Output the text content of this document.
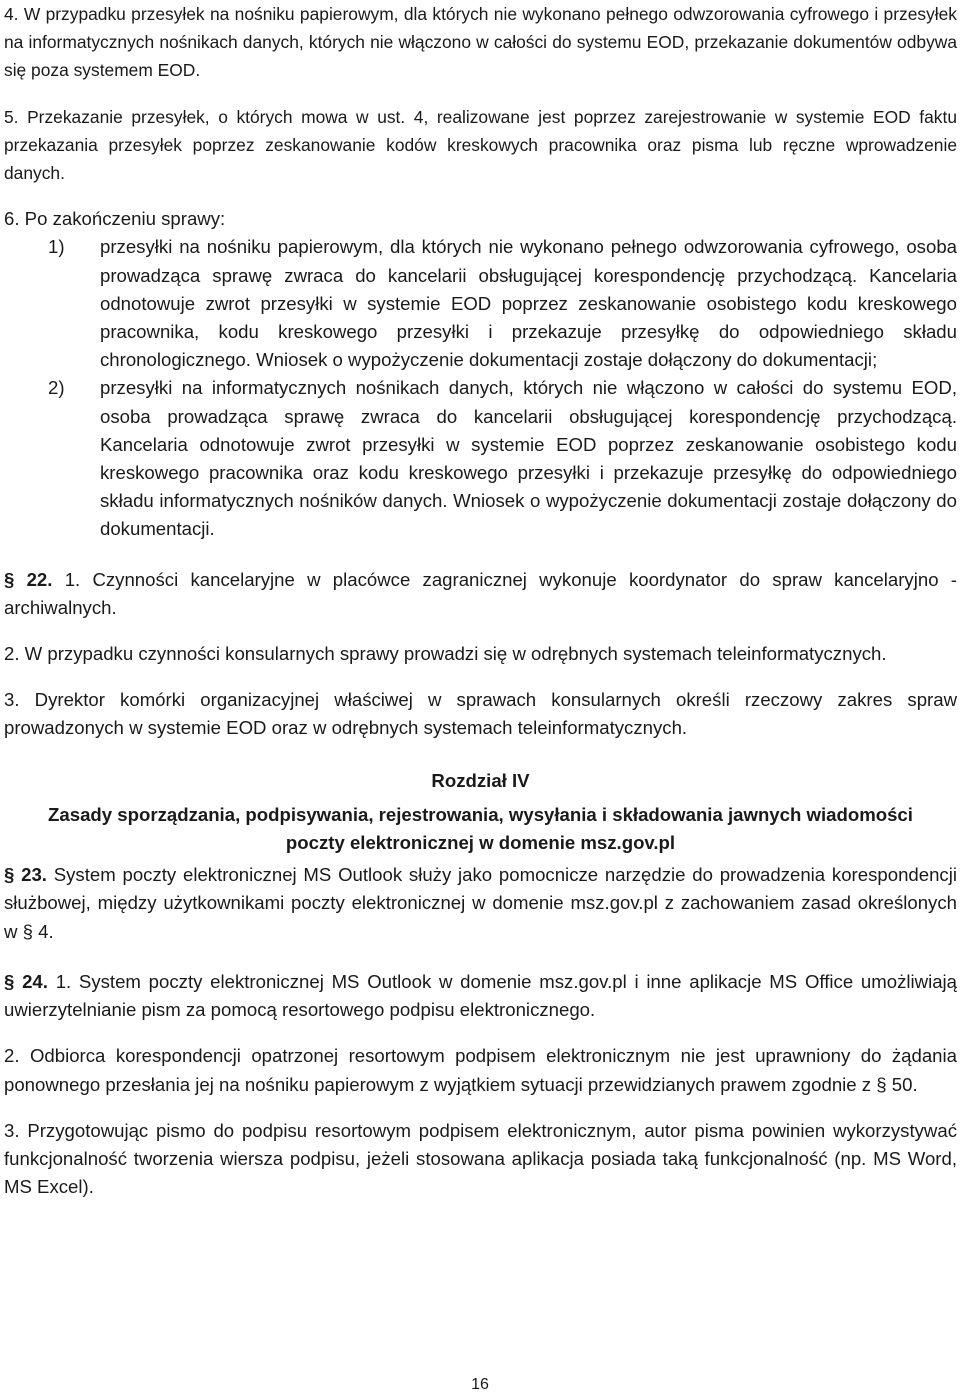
4. W przypadku przesyłek na nośniku papierowym, dla których nie wykonano pełnego odwzorowania cyfrowego i przesyłek na informatycznych nośnikach danych, których nie włączono w całości do systemu EOD, przekazanie dokumentów odbywa się poza systemem EOD.

5. Przekazanie przesyłek, o których mowa w ust. 4, realizowane jest poprzez zarejestrowanie w systemie EOD faktu przekazania przesyłek poprzez zeskanowanie kodów kreskowych pracownika oraz pisma lub ręczne wprowadzenie danych.

6. Po zakończeniu sprawy:

1) przesyłki na nośniku papierowym, dla których nie wykonano pełnego odwzorowania cyfrowego, osoba prowadząca sprawę zwraca do kancelarii obsługującej korespondencję przychodzącą. Kancelaria odnotowuje zwrot przesyłki w systemie EOD poprzez zeskanowanie osobistego kodu kreskowego pracownika, kodu kreskowego przesyłki i przekazuje przesyłkę do odpowiedniego składu chronologicznego. Wniosek o wypożyczenie dokumentacji zostaje dołączony do dokumentacji;
2) przesyłki na informatycznych nośnikach danych, których nie włączono w całości do systemu EOD, osoba prowadząca sprawę zwraca do kancelarii obsługującej korespondencję przychodzącą. Kancelaria odnotowuje zwrot przesyłki w systemie EOD poprzez zeskanowanie osobistego kodu kreskowego pracownika oraz kodu kreskowego przesyłki i przekazuje przesyłkę do odpowiedniego składu informatycznych nośników danych. Wniosek o wypożyczenie dokumentacji zostaje dołączony do dokumentacji.

§ 22. 1. Czynności kancelaryjne w placówce zagranicznej wykonuje koordynator do spraw kancelaryjno - archiwalnych.

2. W przypadku czynności konsularnych sprawy prowadzi się w odrębnych systemach teleinformatycznych.

3. Dyrektor komórki organizacyjnej właściwej w sprawach konsularnych określi rzeczowy zakres spraw prowadzonych w systemie EOD oraz w odrębnych systemach teleinformatycznych.

Rozdział IV

Zasady sporządzania, podpisywania, rejestrowania, wysyłania i składowania jawnych wiadomości

poczty elektronicznej w domenie msz.gov.pl

§ 23. System poczty elektronicznej MS Outlook służy jako pomocnicze narzędzie do prowadzenia korespondencji służbowej, między użytkownikami poczty elektronicznej w domenie msz.gov.pl z zachowaniem zasad określonych w § 4.

§ 24. 1. System poczty elektronicznej MS Outlook w domenie msz.gov.pl i inne aplikacje MS Office umożliwiają uwierzytelnianie pism za pomocą resortowego podpisu elektronicznego.

2. Odbiorca korespondencji opatrzonej resortowym podpisem elektronicznym nie jest uprawniony do żądania ponownego przesłania jej na nośniku papierowym z wyjątkiem sytuacji przewidzianych prawem zgodnie z § 50.

3. Przygotowując pismo do podpisu resortowym podpisem elektronicznym, autor pisma powinien wykorzystywać funkcjonalność tworzenia wiersza podpisu, jeżeli stosowana aplikacja posiada taką funkcjonalność (np. MS Word, MS Excel).

16
